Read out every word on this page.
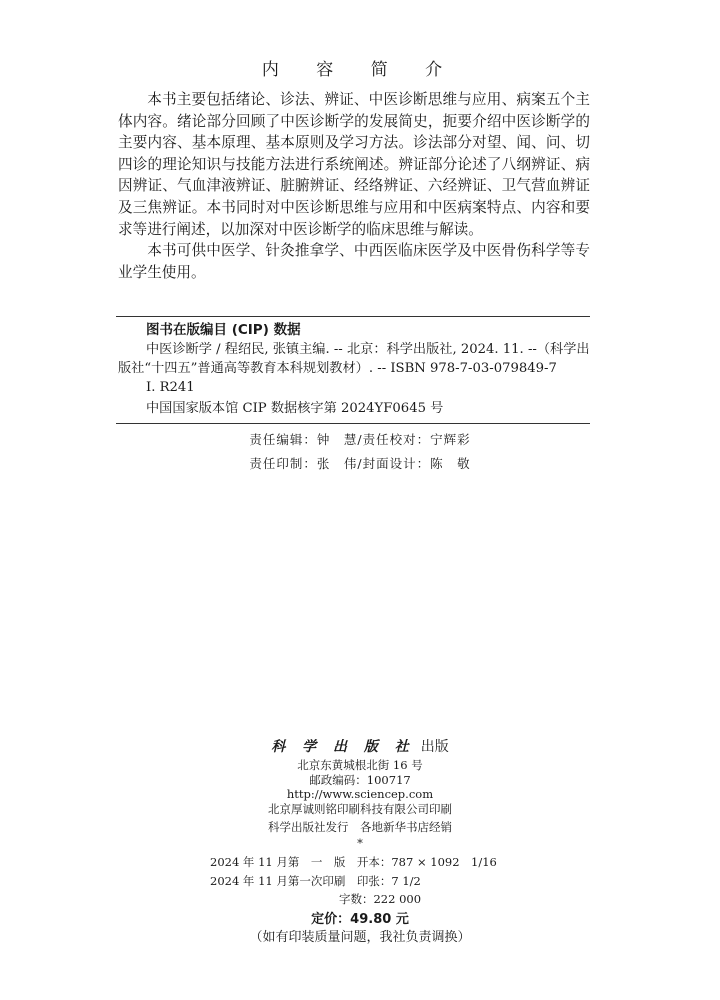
内 容 简 介

本书主要包括绪论、诊法、辨证、中医诊断思维与应用、病案五个主体内容。绪论部分回顾了中医诊断学的发展简史，扼要介绍中医诊断学的主要内容、基本原理、基本原则及学习方法。诊法部分对望、闻、问、切四诊的理论知识与技能方法进行系统阐述。辨证部分论述了八纲辨证、病因辨证、气血津液辨证、脏腑辨证、经络辨证、六经辨证、卫气营血辨证及三焦辨证。本书同时对中医诊断思维与应用和中医病案特点、内容和要求等进行阐述，以加深对中医诊断学的临床思维与解读。

本书可供中医学、针灸推拿学、中西医临床医学及中医骨伤科学等专业学生使用。

图书在版编目 (CIP) 数据
中医诊断学 / 程绍民, 张镇主编. -- 北京：科学出版社, 2024. 11. --（科学出版社“十四五”普通高等教育本科规划教材）. -- ISBN 978-7-03-079849-7
Ⅰ. R241
中国国家版本馆 CIP 数据核字第 2024YF0645 号
责任编辑：钟　慧/责任校对：宁辉彩
责任印制：张　伟/封面设计：陈　敬
科 学 出 版 社 出版
北京东黄城根北街 16 号
邮政编码：100717
http://www.sciencep.com
北京厚诚则铭印刷科技有限公司印刷
科学出版社发行　各地新华书店经销
*
2024 年 11 月第　一　版　开本：787 × 1092　1/16
2024 年 11 月第一次印刷　印张：7 1/2
字数：222 000
定价：49.80 元
（如有印装质量问题，我社负责调换）
